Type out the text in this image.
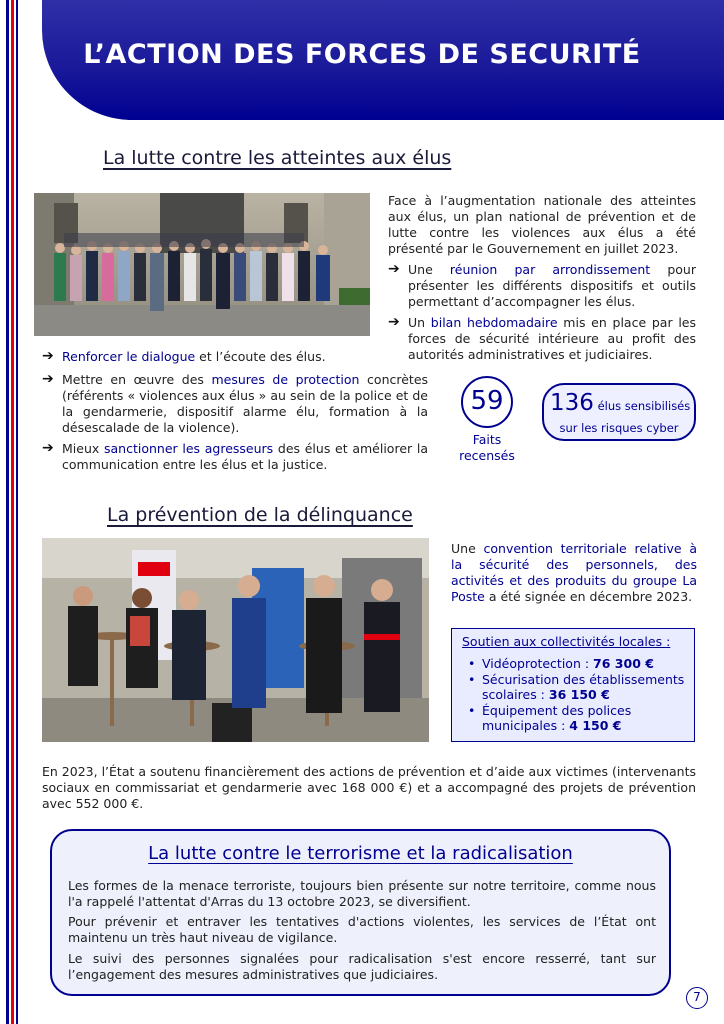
L’ACTION DES FORCES DE SECURITÉ
La lutte contre les atteintes aux élus
Face à l’augmentation nationale des atteintes aux élus, un plan national de prévention et de lutte contre les violences aux élus a été présenté par le Gouvernement en juillet 2023.
➔ Une réunion par arrondissement pour présenter les différents dispositifs et outils permettant d’accompagner les élus.
➔ Un bilan hebdomadaire mis en place par les forces de sécurité intérieure au profit des autorités administratives et judiciaires.
➔ Renforcer le dialogue et l’écoute des élus.
➔ Mettre en œuvre des mesures de protection concrètes (référents « violences aux élus » au sein de la police et de la gendarmerie, dispositif alarme élu, formation à la désescalade de la violence).
➔ Mieux sanctionner les agresseurs des élus et améliorer la communication entre les élus et la justice.
59
Faits
recensés
136 élus sensibilisés
sur les risques cyber
La prévention de la délinquance
Une convention territoriale relative à la sécurité des personnels, des activités et des produits du groupe La Poste a été signée en décembre 2023.
Soutien aux collectivités locales :
• Vidéoprotection : 76 300 €
• Sécurisation des établissements scolaires : 36 150 €
• Équipement des polices municipales : 4 150 €
En 2023, l’État a soutenu financièrement des actions de prévention et d’aide aux victimes (intervenants sociaux en commissariat et gendarmerie avec 168 000 €) et a accompagné des projets de prévention avec 552 000 €.
La lutte contre le terrorisme et la radicalisation
Les formes de la menace terroriste, toujours bien présente sur notre territoire, comme nous l'a rappelé l'attentat d'Arras du 13 octobre 2023, se diversifient.
Pour prévenir et entraver les tentatives d'actions violentes, les services de l’État ont maintenu un très haut niveau de vigilance.
Le suivi des personnes signalées pour radicalisation s'est encore resserré, tant sur l’engagement des mesures administratives que judiciaires.
7
